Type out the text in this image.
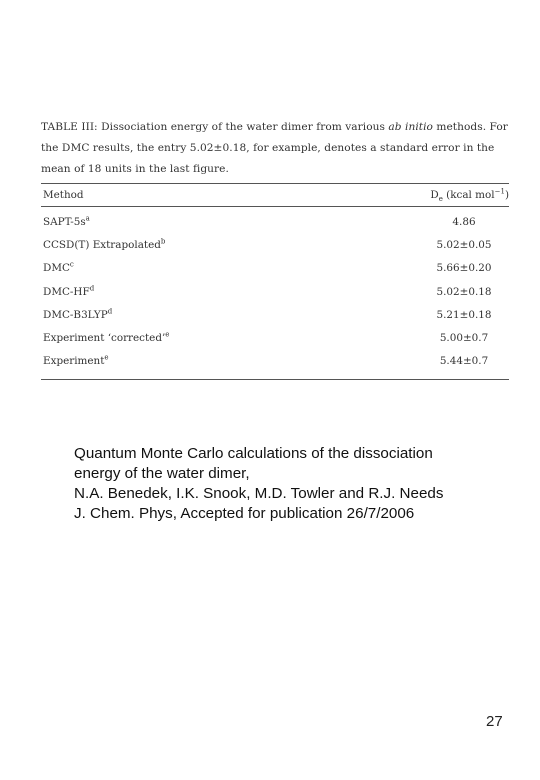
TABLE III: Dissociation energy of the water dimer from various ab initio methods. For the DMC results, the entry 5.02±0.18, for example, denotes a standard error in the mean of 18 units in the last figure.

Method	$D_e$ (kcal mol$^{-1}$)
SAPT-$5s^a$	4.86
CCSD(T) Extrapolated$^b$	5.02±0.05
DMC$^c$	5.66±0.20
DMC-$HF^d$	5.02±0.18
DMC-B3LYP$^d$	5.21±0.18
Experiment ‘corrected’$^e$	5.00±0.7
Experiment$^e$	5.44±0.7
Quantum Monte Carlo calculations of the dissociation
energy of the water dimer,
N.A. Benedek, I.K. Snook, M.D. Towler and R.J. Needs
J. Chem. Phys, Accepted for publication 26/7/2006
27
